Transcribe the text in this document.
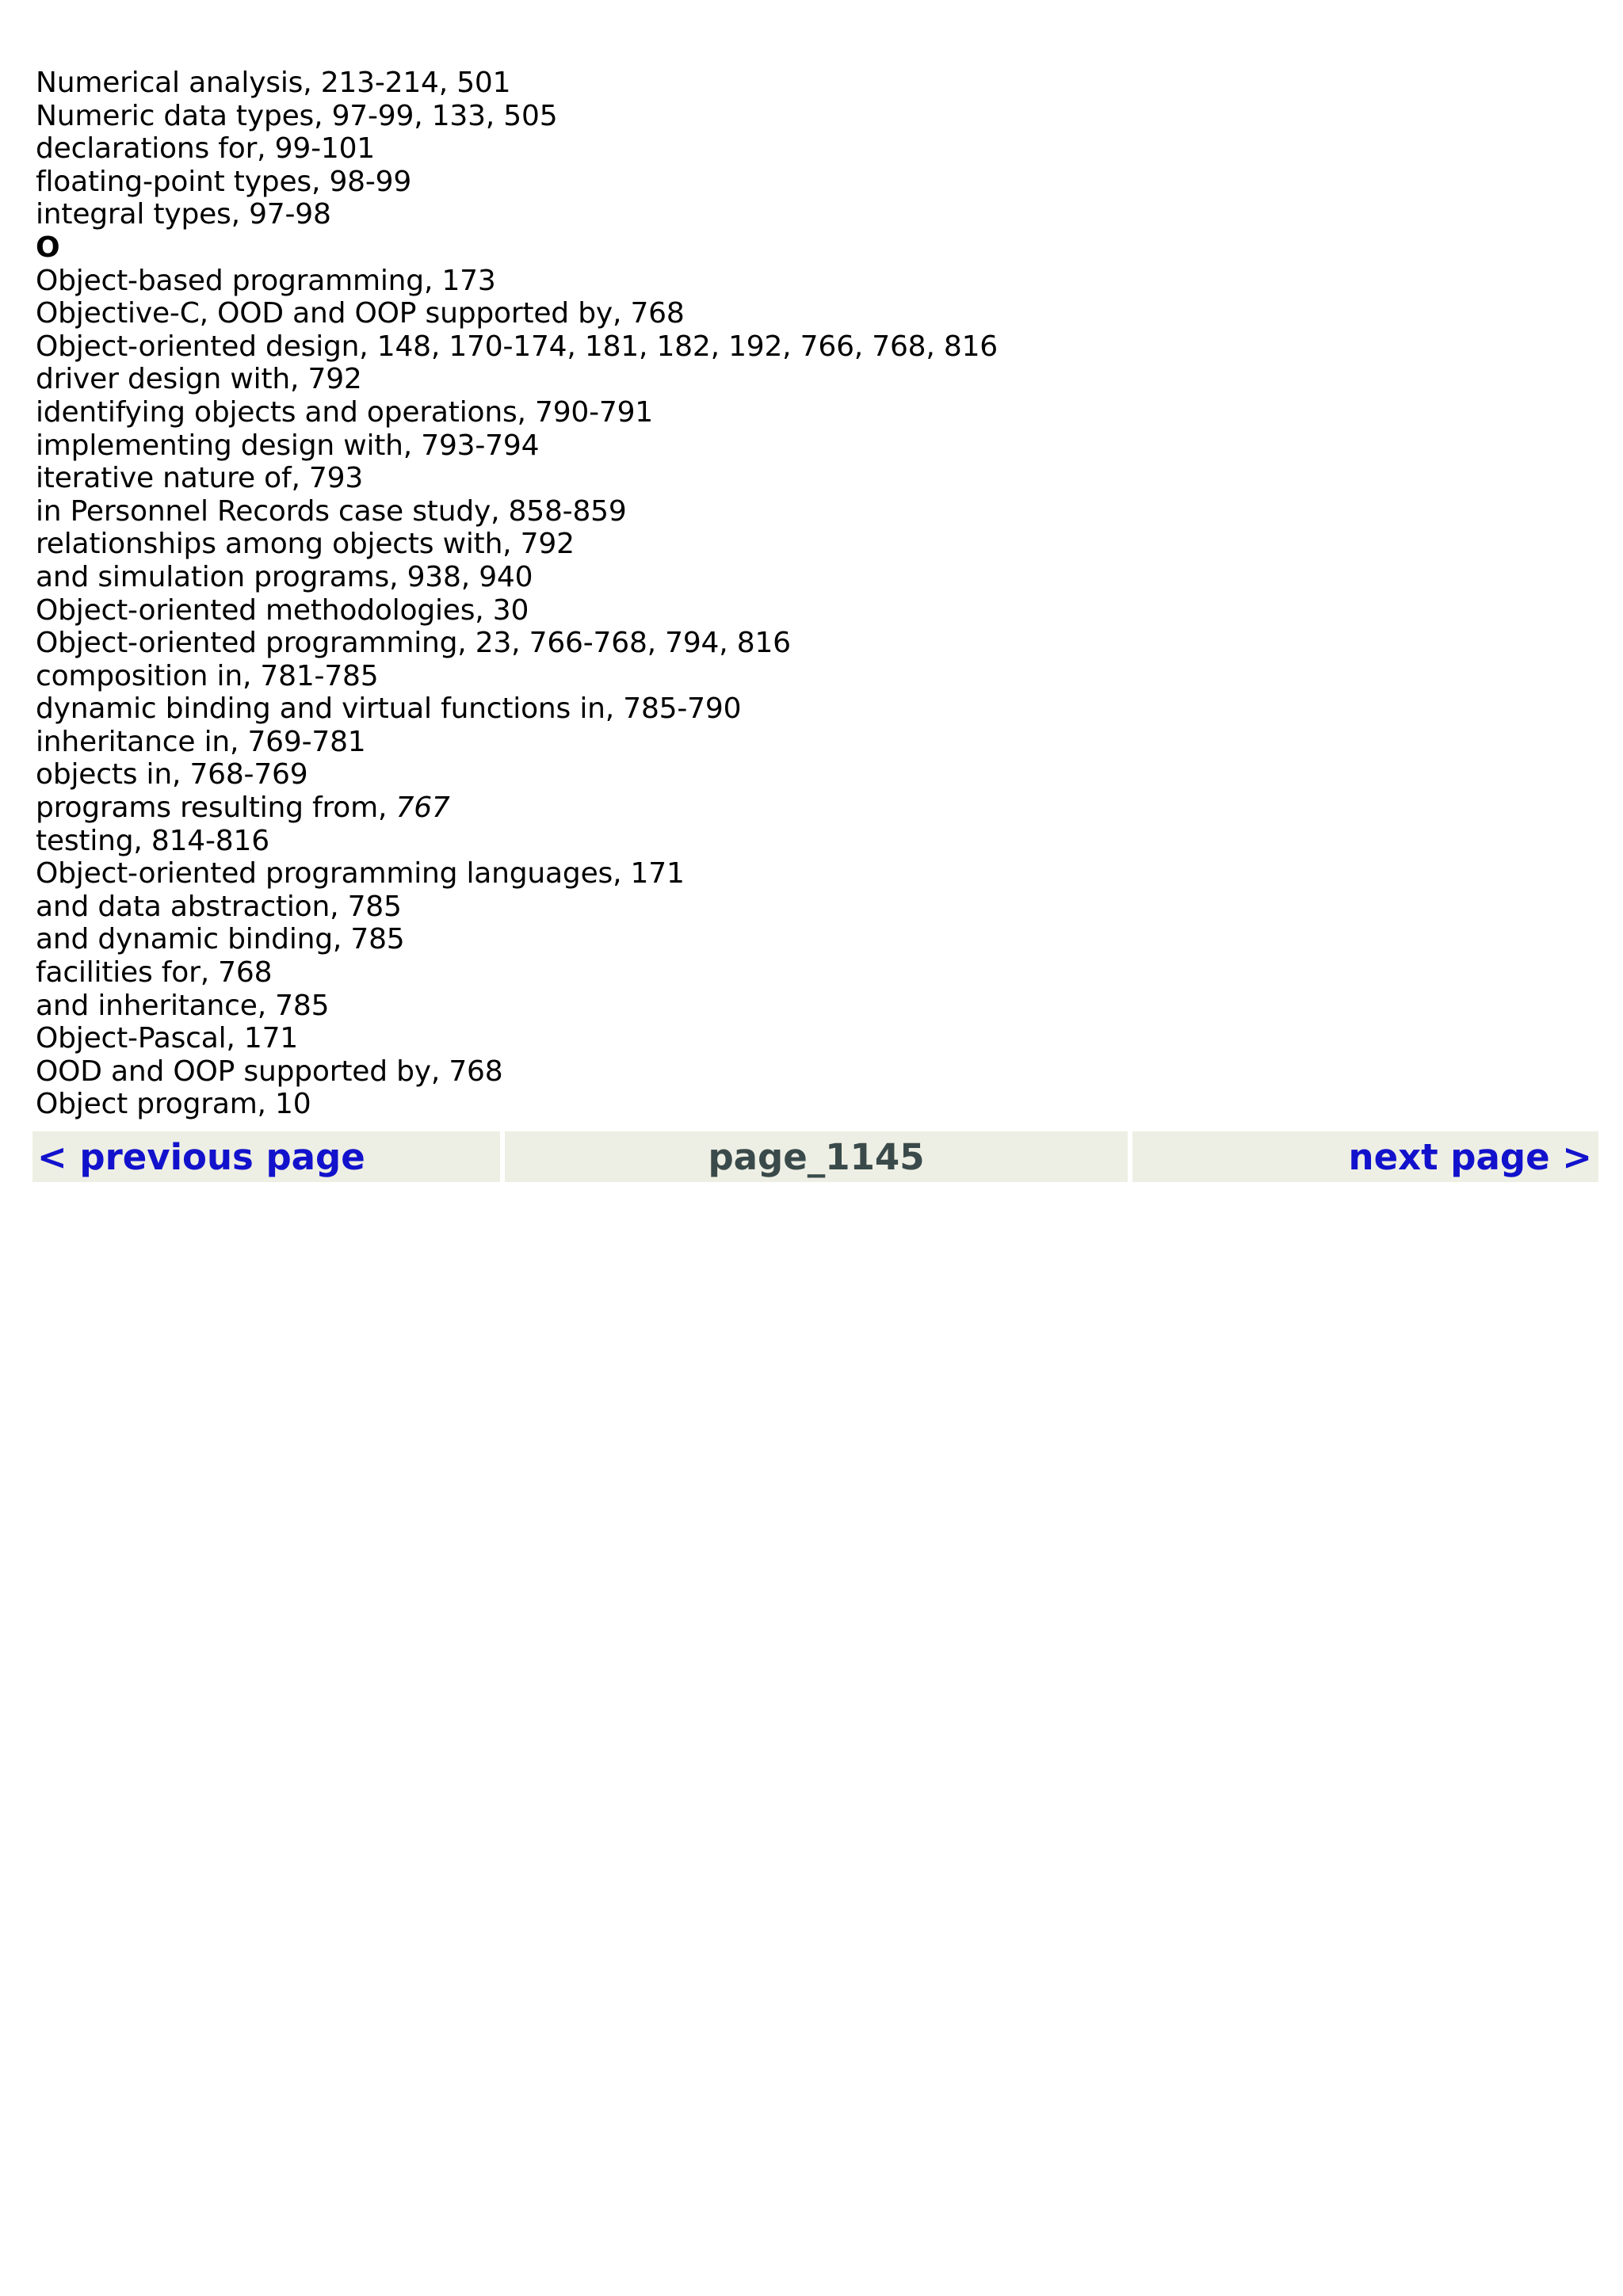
Numerical analysis, 213-214, 501
Numeric data types, 97-99, 133, 505
declarations for, 99-101
floating-point types, 98-99
integral types, 97-98
O
Object-based programming, 173
Objective-C, OOD and OOP supported by, 768
Object-oriented design, 148, 170-174, 181, 182, 192, 766, 768, 816
driver design with, 792
identifying objects and operations, 790-791
implementing design with, 793-794
iterative nature of, 793
in Personnel Records case study, 858-859
relationships among objects with, 792
and simulation programs, 938, 940
Object-oriented methodologies, 30
Object-oriented programming, 23, 766-768, 794, 816
composition in, 781-785
dynamic binding and virtual functions in, 785-790
inheritance in, 769-781
objects in, 768-769
programs resulting from, 767
testing, 814-816
Object-oriented programming languages, 171
and data abstraction, 785
and dynamic binding, 785
facilities for, 768
and inheritance, 785
Object-Pascal, 171
OOD and OOP supported by, 768
Object program, 10
< previous page	page_1145	next page >
